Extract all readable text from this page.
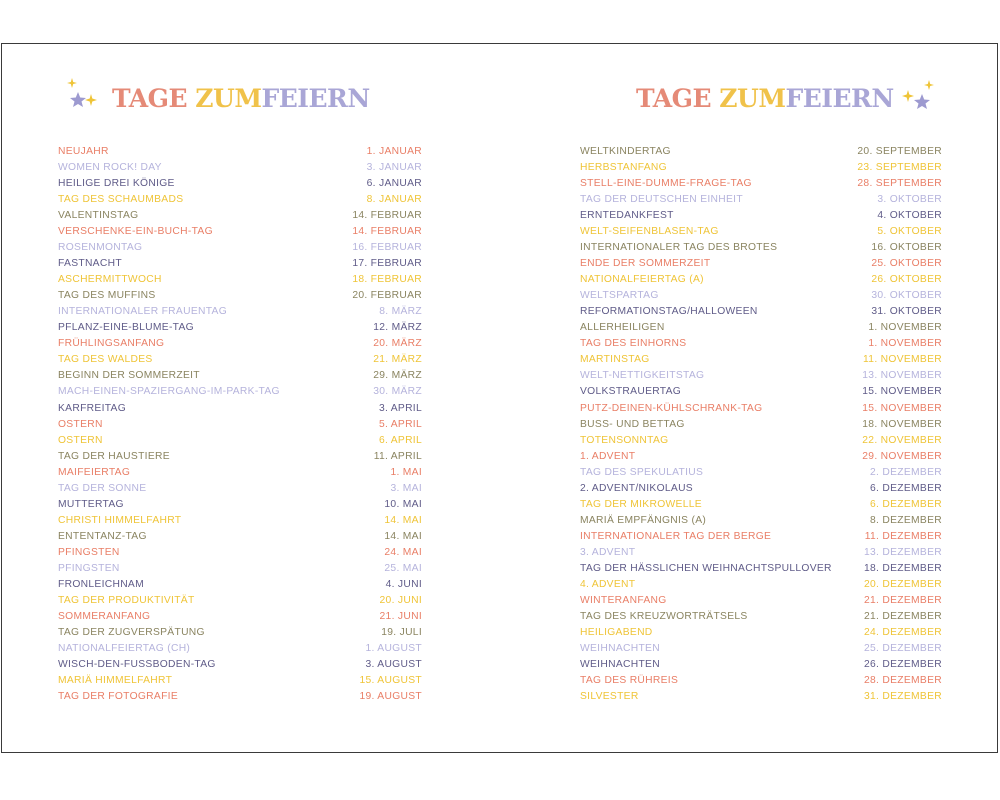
TAGE ZUMFEIERN
NEUJAHR	1. JANUAR
WOMEN ROCK! DAY	3. JANUAR
HEILIGE DREI KÖNIGE	6. JANUAR
TAG DES SCHAUMBADS	8. JANUAR
VALENTINSTAG	14. FEBRUAR
VERSCHENKE-EIN-BUCH-TAG	14. FEBRUAR
ROSENMONTAG	16. FEBRUAR
FASTNACHT	17. FEBRUAR
ASCHERMITTWOCH	18. FEBRUAR
TAG DES MUFFINS	20. FEBRUAR
INTERNATIONALER FRAUENTAG	8. MÄRZ
PFLANZ-EINE-BLUME-TAG	12. MÄRZ
FRÜHLINGSANFANG	20. MÄRZ
TAG DES WALDES	21. MÄRZ
BEGINN DER SOMMERZEIT	29. MÄRZ
MACH-EINEN-SPAZIERGANG-IM-PARK-TAG	30. MÄRZ
KARFREITAG	3. APRIL
OSTERN	5. APRIL
OSTERN	6. APRIL
TAG DER HAUSTIERE	11. APRIL
MAIFEIERTAG	1. MAI
TAG DER SONNE	3. MAI
MUTTERTAG	10. MAI
CHRISTI HIMMELFAHRT	14. MAI
ENTENTANZ-TAG	14. MAI
PFINGSTEN	24. MAI
PFINGSTEN	25. MAI
FRONLEICHNAM	4. JUNI
TAG DER PRODUKTIVITÄT	20. JUNI
SOMMERANFANG	21. JUNI
TAG DER ZUGVERSPÄTUNG	19. JULI
NATIONALFEIERTAG (CH)	1. AUGUST
WISCH-DEN-FUSSBODEN-TAG	3. AUGUST
MARIÄ HIMMELFAHRT	15. AUGUST
TAG DER FOTOGRAFIE	19. AUGUST
TAGE ZUMFEIERN
WELTKINDERTAG	20. SEPTEMBER
HERBSTANFANG	23. SEPTEMBER
STELL-EINE-DUMME-FRAGE-TAG	28. SEPTEMBER
TAG DER DEUTSCHEN EINHEIT	3. OKTOBER
ERNTEDANKFEST	4. OKTOBER
WELT-SEIFENBLASEN-TAG	5. OKTOBER
INTERNATIONALER TAG DES BROTES	16. OKTOBER
ENDE DER SOMMERZEIT	25. OKTOBER
NATIONALFEIERTAG (A)	26. OKTOBER
WELTSPARTAG	30. OKTOBER
REFORMATIONSTAG/HALLOWEEN	31. OKTOBER
ALLERHEILIGEN	1. NOVEMBER
TAG DES EINHORNS	1. NOVEMBER
MARTINSTAG	11. NOVEMBER
WELT-NETTIGKEITSTAG	13. NOVEMBER
VOLKSTRAUERTAG	15. NOVEMBER
PUTZ-DEINEN-KÜHLSCHRANK-TAG	15. NOVEMBER
BUSS- UND BETTAG	18. NOVEMBER
TOTENSONNTAG	22. NOVEMBER
1. ADVENT	29. NOVEMBER
TAG DES SPEKULATIUS	2. DEZEMBER
2. ADVENT/NIKOLAUS	6. DEZEMBER
TAG DER MIKROWELLE	6. DEZEMBER
MARIÄ EMPFÄNGNIS (A)	8. DEZEMBER
INTERNATIONALER TAG DER BERGE	11. DEZEMBER
3. ADVENT	13. DEZEMBER
TAG DER HÄSSLICHEN WEIHNACHTSPULLOVER	18. DEZEMBER
4. ADVENT	20. DEZEMBER
WINTERANFANG	21. DEZEMBER
TAG DES KREUZWORTRÄTSELS	21. DEZEMBER
HEILIGABEND	24. DEZEMBER
WEIHNACHTEN	25. DEZEMBER
WEIHNACHTEN	26. DEZEMBER
TAG DES RÜHREIS	28. DEZEMBER
SILVESTER	31. DEZEMBER
